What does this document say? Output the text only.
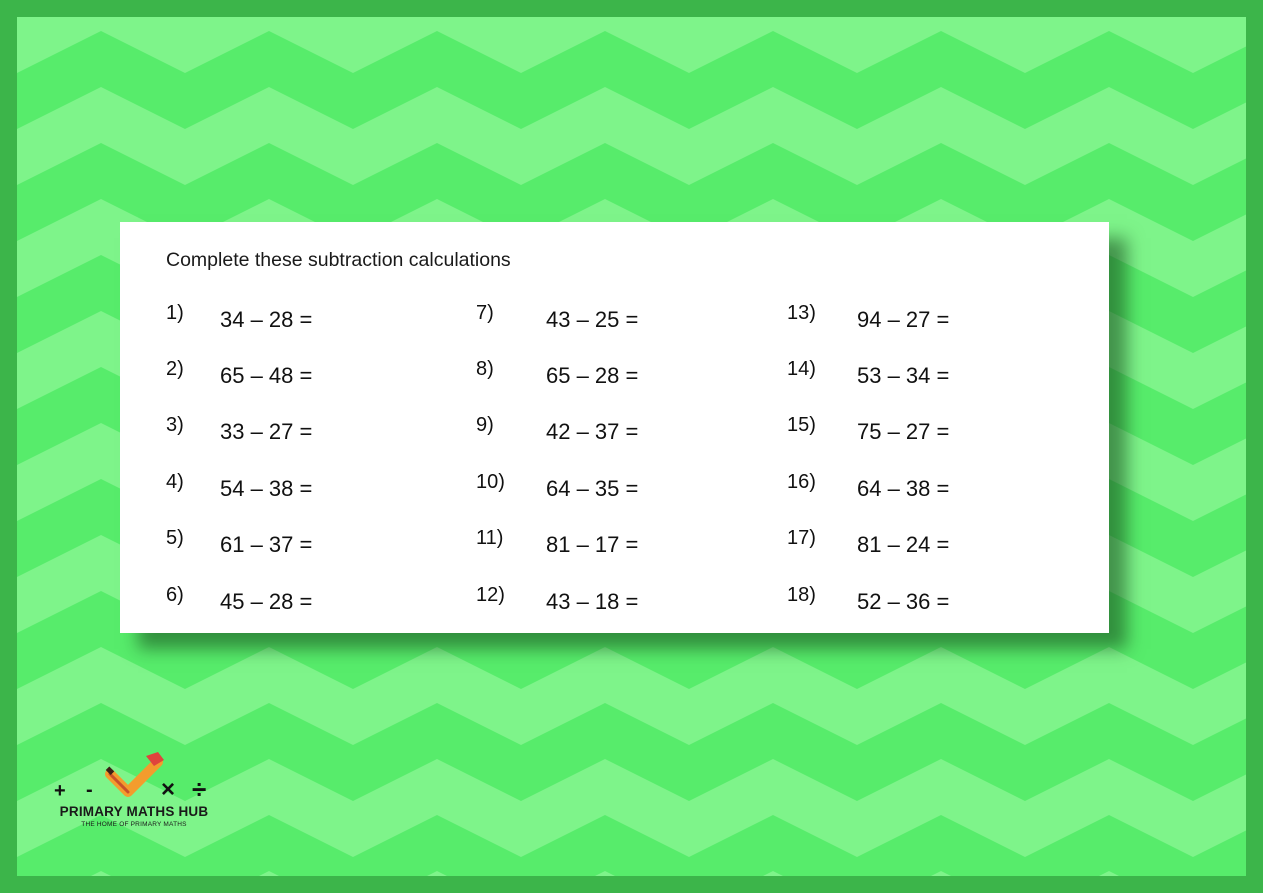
Complete these subtraction calculations
1) 34 – 28 =
2) 65 – 48 =
3) 33 – 27 =
4) 54 – 38 =
5) 61 – 37 =
6) 45 – 28 =
7) 43 – 25 =
8) 65 – 28 =
9) 42 – 37 =
10) 64 – 35 =
11) 81 – 17 =
12) 43 – 18 =
13) 94 – 27 =
14) 53 – 34 =
15) 75 – 27 =
16) 64 – 38 =
17) 81 – 24 =
18) 52 – 36 =
+ -	× ÷
PRIMARY MATHS HUB
THE HOME OF PRIMARY MATHS
